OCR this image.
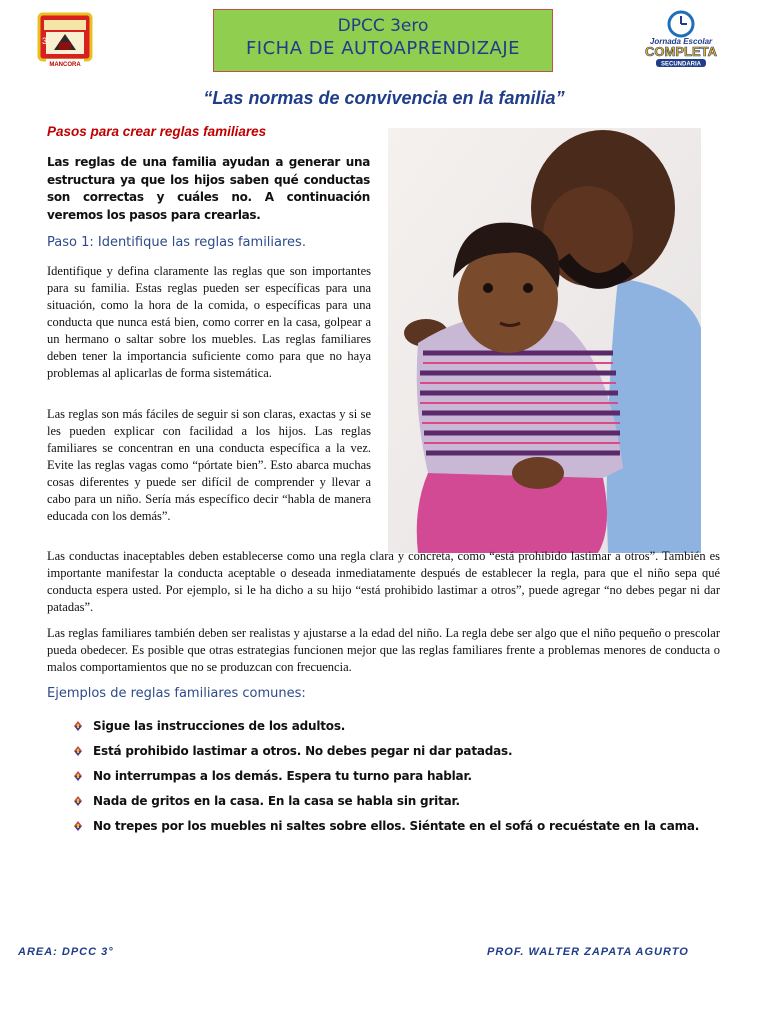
3
MANCORA
DPCC 3ero
FICHA DE AUTOAPRENDIZAJE	Jornada Escolar
COMPLETA
SECUNDARIA
“Las normas de convivencia en la familia”
Pasos para crear reglas familiares
Las reglas de una familia ayudan a generar una estructura ya que los hijos saben qué conductas son correctas y cuáles no. A continuación veremos los pasos para crearlas.
Paso 1: Identifique las reglas familiares.
Identifique y defina claramente las reglas que son importantes para su familia. Estas reglas pueden ser específicas para una situación, como la hora de la comida, o específicas para una conducta que nunca está bien, como correr en la casa, golpear a un hermano o saltar sobre los muebles. Las reglas familiares deben tener la importancia suficiente como para que no haya problemas al aplicarlas de forma sistemática.
Las reglas son más fáciles de seguir si son claras, exactas y si se les pueden explicar con facilidad a los hijos. Las reglas familiares se concentran en una conducta específica a la vez. Evite las reglas vagas como “pórtate bien”. Esto abarca muchas cosas diferentes y puede ser difícil de comprender y llevar a cabo para un niño. Sería más específico decir “habla de manera educada con los demás”.
Las conductas inaceptables deben establecerse como una regla clara y concreta, como “está prohibido lastimar a otros”. También es importante manifestar la conducta aceptable o deseada inmediatamente después de establecer la regla, para que el niño sepa qué conducta espera usted. Por ejemplo, si le ha dicho a su hijo “está prohibido lastimar a otros”, puede agregar “no debes pegar ni dar patadas”.
Las reglas familiares también deben ser realistas y ajustarse a la edad del niño. La regla debe ser algo que el niño pequeño o prescolar pueda obedecer. Es posible que otras estrategias funcionen mejor que las reglas familiares frente a problemas menores de conducta o malos comportamientos que no se produzcan con frecuencia.
Ejemplos de reglas familiares comunes:
Sigue las instrucciones de los adultos.
Está prohibido lastimar a otros. No debes pegar ni dar patadas.
No interrumpas a los demás. Espera tu turno para hablar.
Nada de gritos en la casa. En la casa se habla sin gritar.
No trepes por los muebles ni saltes sobre ellos. Siéntate en el sofá o recuéstate en la cama.
AREA: DPCC 3°	PROF. WALTER ZAPATA AGURTO
